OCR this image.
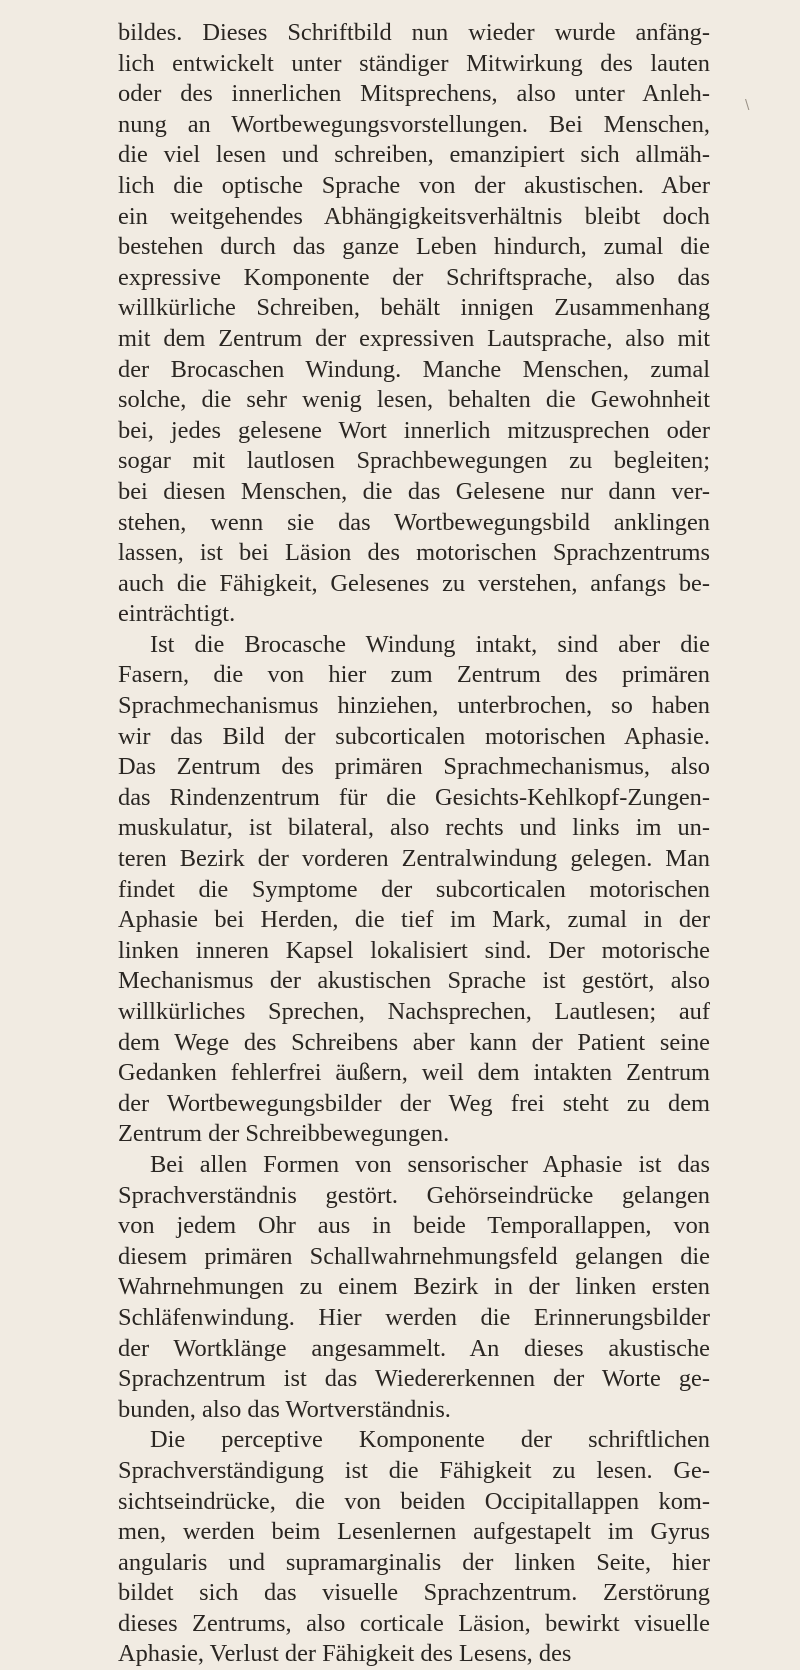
bildes. Dieses Schriftbild nun wieder wurde anfäng-
lich entwickelt unter ständiger Mitwirkung des lauten
oder des innerlichen Mitsprechens, also unter Anleh-
nung an Wortbewegungsvorstellungen. Bei Menschen,
die viel lesen und schreiben, emanzipiert sich allmäh-
lich die optische Sprache von der akustischen. Aber
ein weitgehendes Abhängigkeitsverhältnis bleibt doch
bestehen durch das ganze Leben hindurch, zumal die
expressive Komponente der Schriftsprache, also das
willkürliche Schreiben, behält innigen Zusammenhang
mit dem Zentrum der expressiven Lautsprache, also mit
der Brocaschen Windung. Manche Menschen, zumal
solche, die sehr wenig lesen, behalten die Gewohnheit
bei, jedes gelesene Wort innerlich mitzusprechen oder
sogar mit lautlosen Sprachbewegungen zu begleiten;
bei diesen Menschen, die das Gelesene nur dann ver-
stehen, wenn sie das Wortbewegungsbild anklingen
lassen, ist bei Läsion des motorischen Sprachzentrums
auch die Fähigkeit, Gelesenes zu verstehen, anfangs be-
einträchtigt.
Ist die Brocasche Windung intakt, sind aber die
Fasern, die von hier zum Zentrum des primären
Sprachmechanismus hinziehen, unterbrochen, so haben
wir das Bild der subcorticalen motorischen Aphasie.
Das Zentrum des primären Sprachmechanismus, also
das Rindenzentrum für die Gesichts-Kehlkopf-Zungen-
muskulatur, ist bilateral, also rechts und links im un-
teren Bezirk der vorderen Zentralwindung gelegen. Man
findet die Symptome der subcorticalen motorischen
Aphasie bei Herden, die tief im Mark, zumal in der
linken inneren Kapsel lokalisiert sind. Der motorische
Mechanismus der akustischen Sprache ist gestört, also
willkürliches Sprechen, Nachsprechen, Lautlesen; auf
dem Wege des Schreibens aber kann der Patient seine
Gedanken fehlerfrei äußern, weil dem intakten Zentrum
der Wortbewegungsbilder der Weg frei steht zu dem
Zentrum der Schreibbewegungen.
Bei allen Formen von sensorischer Aphasie ist das
Sprachverständnis gestört. Gehörseindrücke gelangen
von jedem Ohr aus in beide Temporallappen, von
diesem primären Schallwahrnehmungsfeld gelangen die
Wahrnehmungen zu einem Bezirk in der linken ersten
Schläfenwindung. Hier werden die Erinnerungsbilder
der Wortklänge angesammelt. An dieses akustische
Sprachzentrum ist das Wiedererkennen der Worte ge-
bunden, also das Wortverständnis.
Die perceptive Komponente der schriftlichen
Sprachverständigung ist die Fähigkeit zu lesen. Ge-
sichtseindrücke, die von beiden Occipitallappen kom-
men, werden beim Lesenlernen aufgestapelt im Gyrus
angularis und supramarginalis der linken Seite, hier
bildet sich das visuelle Sprachzentrum. Zerstörung
dieses Zentrums, also corticale Läsion, bewirkt visuelle
Aphasie, Verlust der Fähigkeit des Lesens, des
\
